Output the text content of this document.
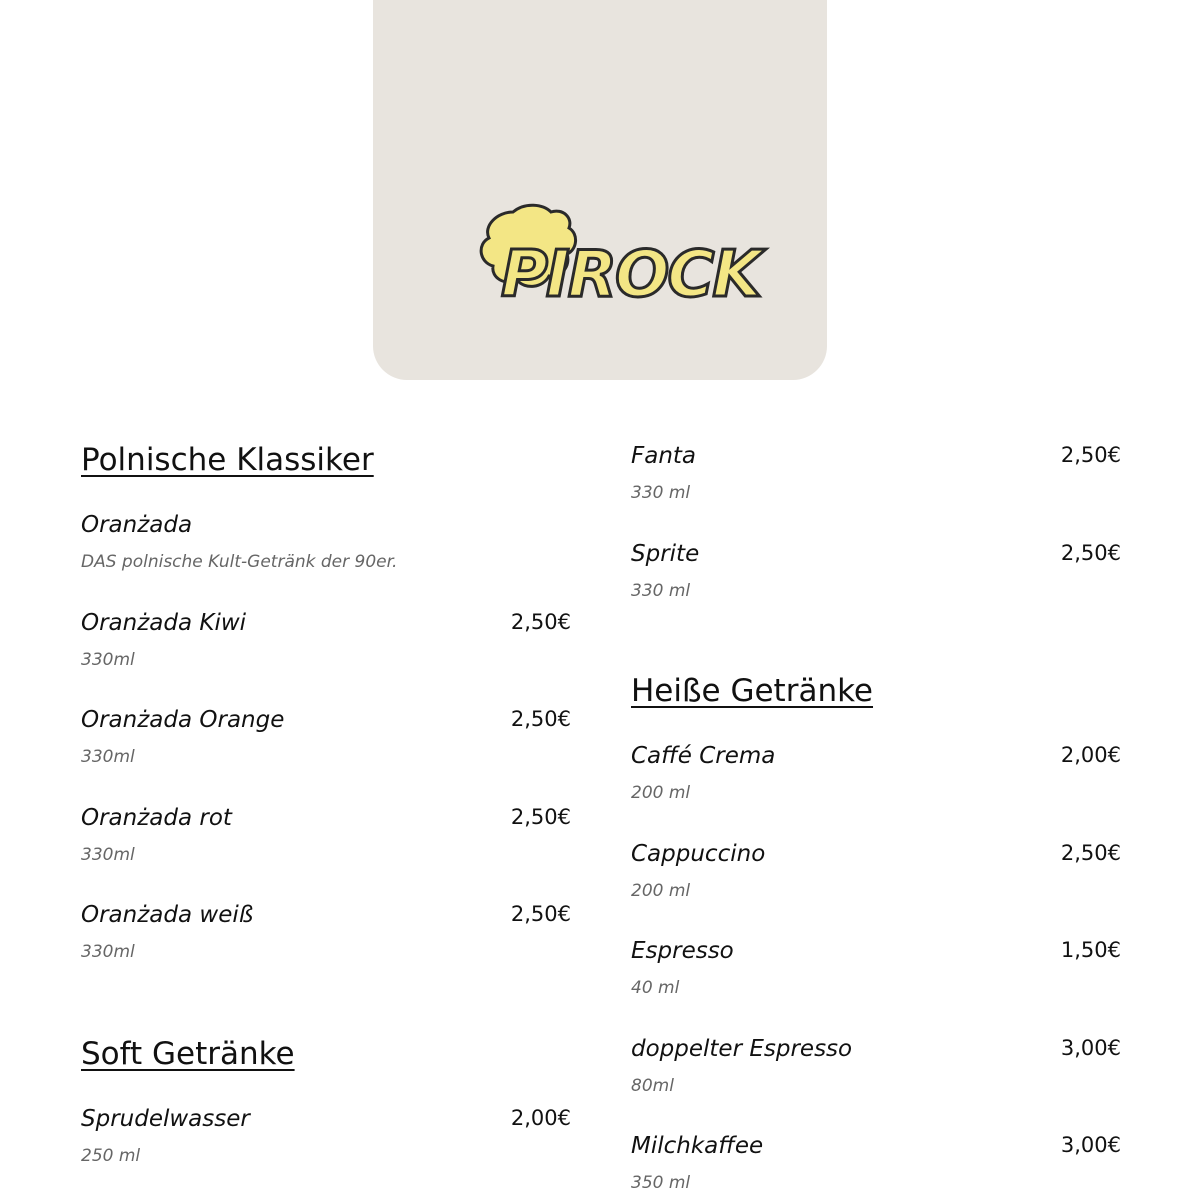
PIROCK
Polnische Klassiker
Oranżada
DAS polnische Kult-Getränk der 90er.
Oranżada Kiwi	2,50€
330ml
Oranżada Orange	2,50€
330ml
Oranżada rot	2,50€
330ml
Oranżada weiß	2,50€
330ml
Soft Getränke
Sprudelwasser	2,00€
250 ml
Fanta	2,50€
330 ml
Sprite	2,50€
330 ml
Heiße Getränke
Caffé Crema	2,00€
200 ml
Cappuccino	2,50€
200 ml
Espresso	1,50€
40 ml
doppelter Espresso	3,00€
80ml
Milchkaffee	3,00€
350 ml
